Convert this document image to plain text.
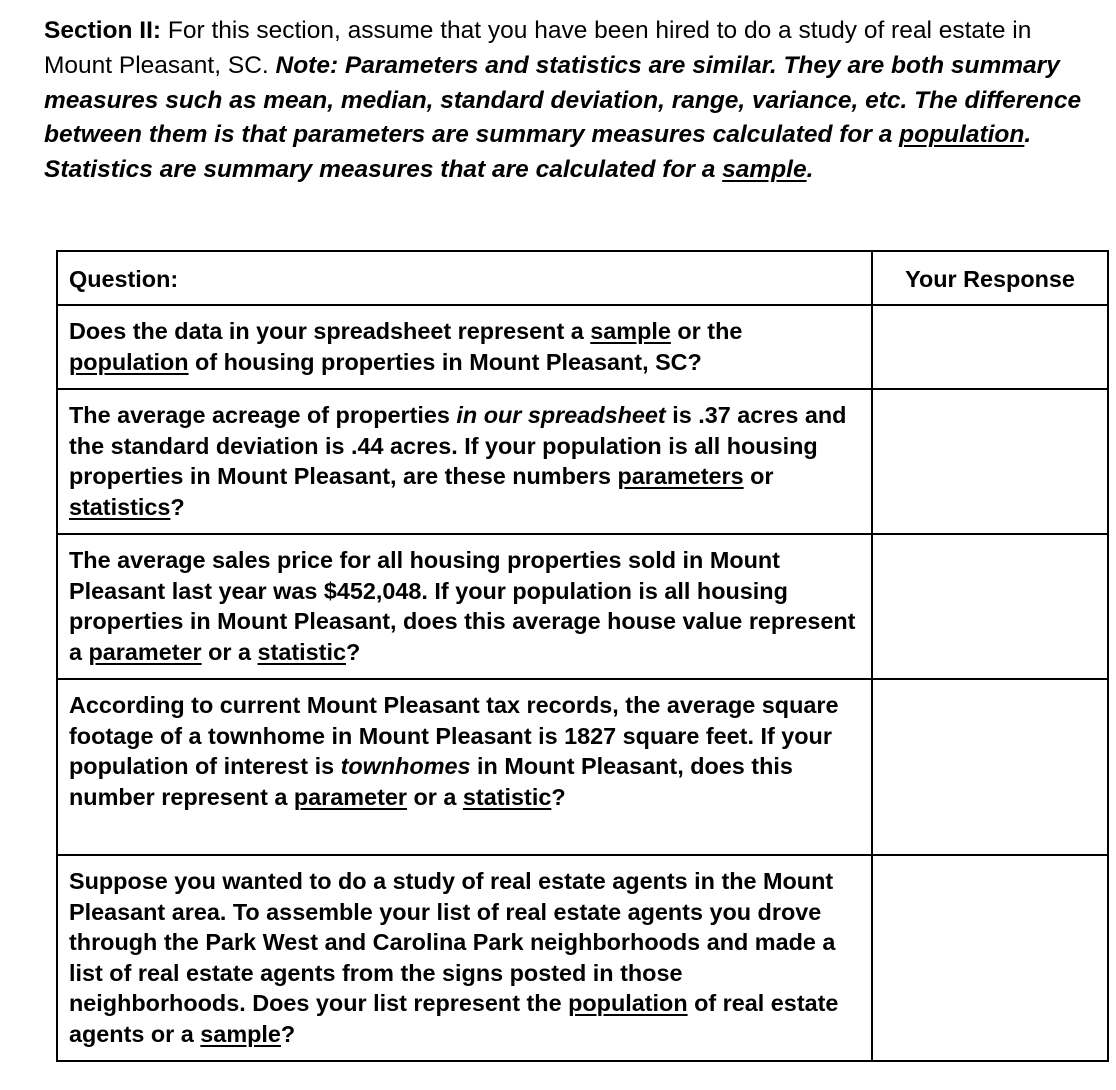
Section II: For this section, assume that you have been hired to do a study of real estate in Mount Pleasant, SC. Note: Parameters and statistics are similar. They are both summary measures such as mean, median, standard deviation, range, variance, etc. The difference between them is that parameters are summary measures calculated for a population. Statistics are summary measures that are calculated for a sample.
Question:	Your Response
Does the data in your spreadsheet represent a sample or the population of housing properties in Mount Pleasant, SC?	
The average acreage of properties in our spreadsheet is .37 acres and the standard deviation is .44 acres. If your population is all housing properties in Mount Pleasant, are these numbers parameters or statistics?	
The average sales price for all housing properties sold in Mount Pleasant last year was $452,048. If your population is all housing properties in Mount Pleasant, does this average house value represent a parameter or a statistic?	
According to current Mount Pleasant tax records, the average square footage of a townhome in Mount Pleasant is 1827 square feet. If your population of interest is townhomes in Mount Pleasant, does this number represent a parameter or a statistic?	
Suppose you wanted to do a study of real estate agents in the Mount Pleasant area. To assemble your list of real estate agents you drove through the Park West and Carolina Park neighborhoods and made a list of real estate agents from the signs posted in those neighborhoods. Does your list represent the population of real estate agents or a sample?	
